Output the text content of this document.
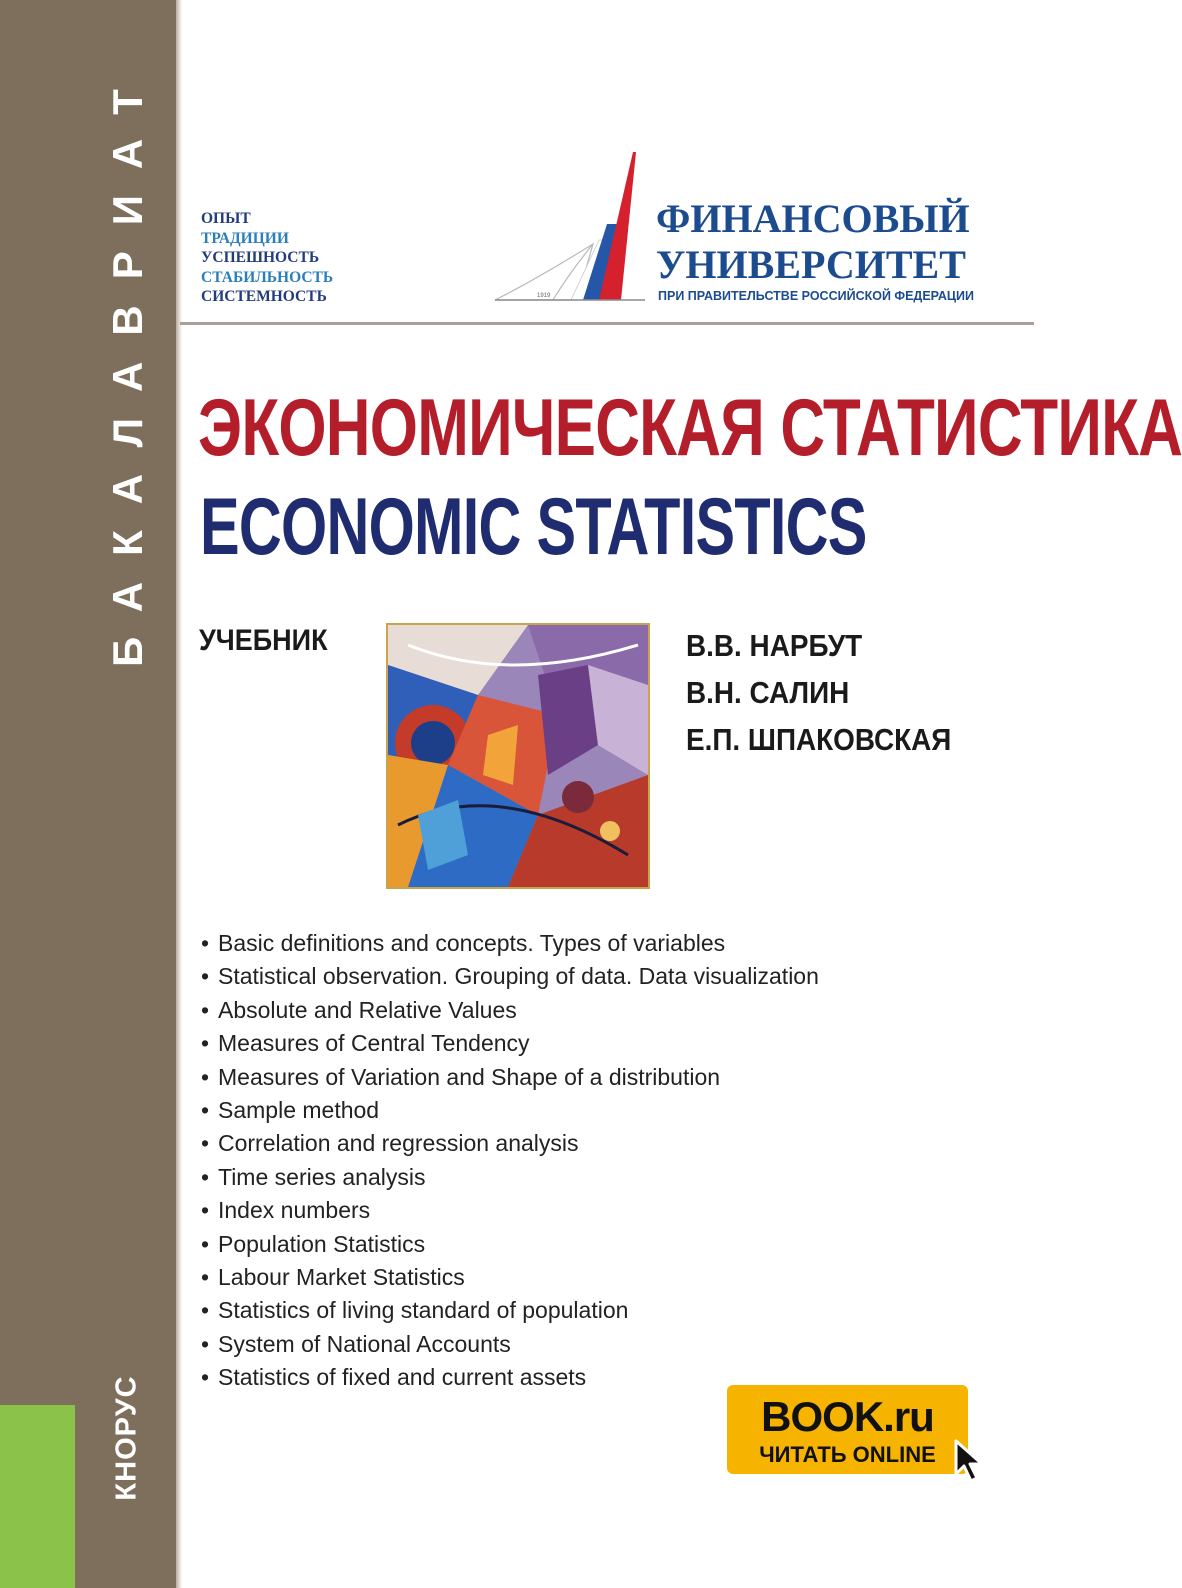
БАКАЛАВРИАТ
КНОРУС
ОПЫТ
ТРАДИЦИИ
УСПЕШНОСТЬ
СТАБИЛЬНОСТЬ
СИСТЕМНОСТЬ	1919
ФИНАНСОВЫЙ
УНИВЕРСИТЕТ
ПРИ ПРАВИТЕЛЬСТВЕ РОССИЙСКОЙ ФЕДЕРАЦИИ
ЭКОНОМИЧЕСКАЯ СТАТИСТИКА
ECONOMIC STATISTICS
УЧЕБНИК	В.В. НАРБУТ
В.Н. САЛИН
Е.П. ШПАКОВСКАЯ
• Basic definitions and concepts. Types of variables
• Statistical observation. Grouping of data. Data visualization
• Absolute and Relative Values
• Measures of Central Tendency
• Measures of Variation and Shape of a distribution
• Sample method
• Correlation and regression analysis
• Time series analysis
• Index numbers
• Population Statistics
• Labour Market Statistics
• Statistics of living standard of population
• System of National Accounts
• Statistics of fixed and current assets
BOOK.ru
ЧИТАТЬ ONLINE
